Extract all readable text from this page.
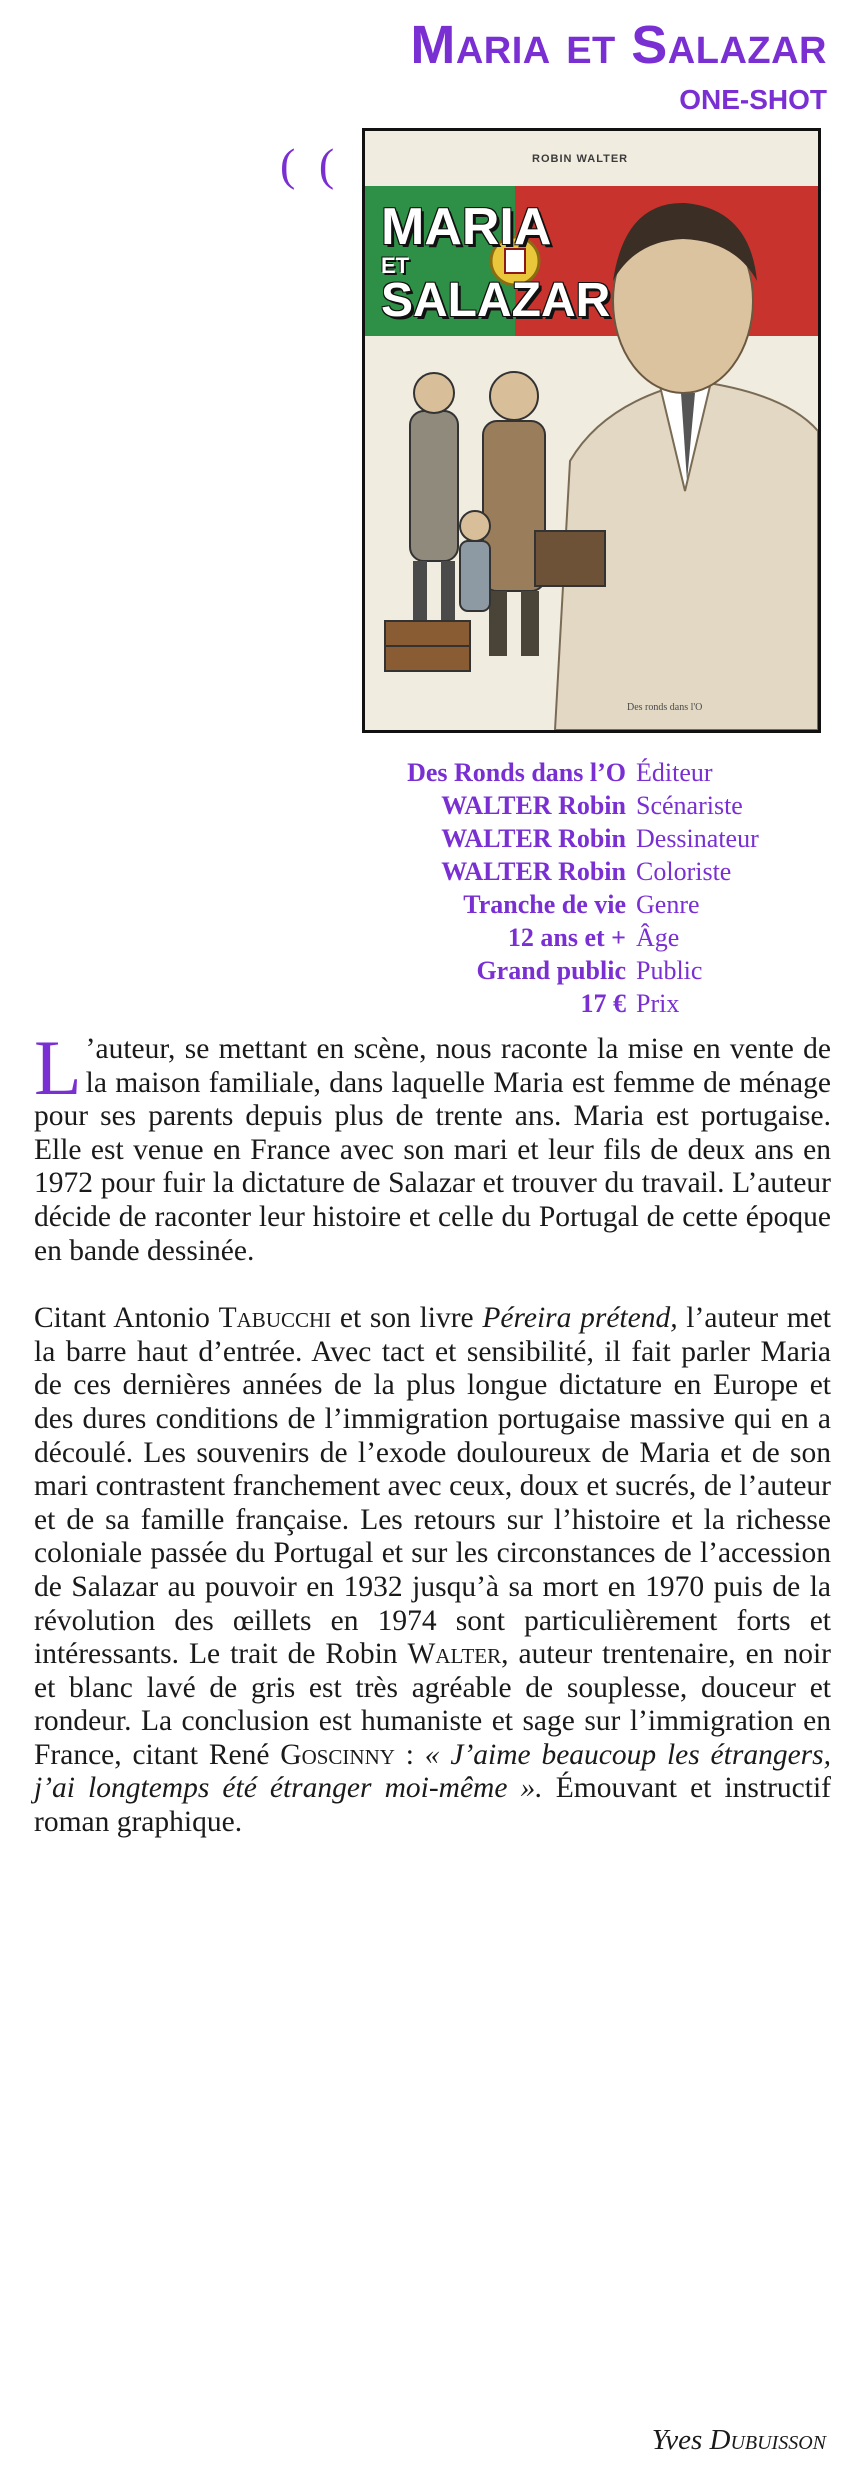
Maria et Salazar
ONE-SHOT
( (	ROBIN WALTER
MARIA
ET
SALAZAR
Des ronds dans l'O
Des Ronds dans l’O Éditeur
WALTER Robin Scénariste
WALTER Robin Dessinateur
WALTER Robin Coloriste
Tranche de vie Genre
12 ans et + Âge
Grand public Public
17 € Prix

L ’auteur, se mettant en scène, nous raconte la mise en vente de la maison familiale, dans laquelle Maria est femme de ménage pour ses parents depuis plus de trente ans. Maria est portugaise. Elle est venue en France avec son mari et leur fils de deux ans en 1972 pour fuir la dictature de Salazar et trouver du travail. L’auteur décide de raconter leur histoire et celle du Portugal de cette époque en bande dessinée.

Citant Antonio Tabucchi et son livre Péreira prétend, l’auteur met la barre haut d’entrée. Avec tact et sensibilité, il fait parler Maria de ces dernières années de la plus longue dictature en Europe et des dures conditions de l’immigration portugaise massive qui en a découlé. Les souvenirs de l’exode douloureux de Maria et de son mari contrastent franchement avec ceux, doux et sucrés, de l’auteur et de sa famille française. Les retours sur l’histoire et la richesse coloniale passée du Portugal et sur les circonstances de l’accession de Salazar au pouvoir en 1932 jusqu’à sa mort en 1970 puis de la révolution des œillets en 1974 sont particulièrement forts et intéressants. Le trait de Robin Walter, auteur trentenaire, en noir et blanc lavé de gris est très agréable de souplesse, douceur et rondeur. La conclusion est humaniste et sage sur l’immigration en France, citant René Goscinny : « J’aime beaucoup les étrangers, j’ai longtemps été étranger moi-même ». Émouvant et instructif roman graphique.

Yves Dubuisson
